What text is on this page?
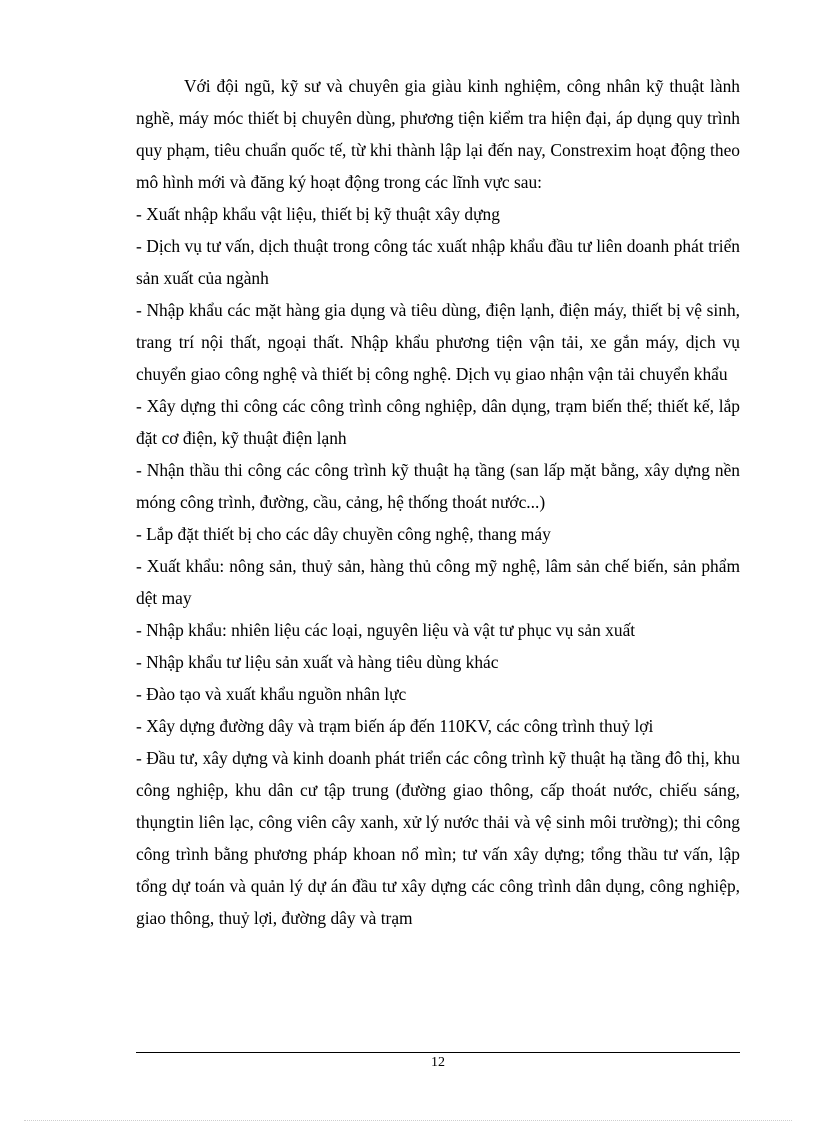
Với đội ngũ, kỹ sư và chuyên gia giàu kinh nghiệm, công nhân kỹ thuật lành nghề, máy móc thiết bị chuyên dùng, phương tiện kiểm tra hiện đại, áp dụng quy trình quy phạm, tiêu chuẩn quốc tế, từ khi thành lập lại đến nay, Constrexim hoạt động theo mô hình mới và đăng ký hoạt động trong các lĩnh vực sau:

- Xuất nhập khẩu vật liệu, thiết bị kỹ thuật xây dựng

- Dịch vụ tư vấn, dịch thuật trong công tác xuất nhập khẩu đầu tư liên doanh phát triển sản xuất của ngành

- Nhập khẩu các mặt hàng gia dụng và tiêu dùng, điện lạnh, điện máy, thiết bị vệ sinh, trang trí nội thất, ngoại thất. Nhập khẩu phương tiện vận tải, xe gắn máy, dịch vụ chuyển giao công nghệ và thiết bị công nghệ. Dịch vụ giao nhận vận tải chuyển khẩu

- Xây dựng thi công các công trình công nghiệp, dân dụng, trạm biến thế; thiết kế, lắp đặt cơ điện, kỹ thuật điện lạnh

- Nhận thầu thi công các công trình kỹ thuật hạ tầng (san lấp mặt bằng, xây dựng nền móng công trình, đường, cầu, cảng, hệ thống thoát nước...)

- Lắp đặt thiết bị cho các dây chuyền công nghệ, thang máy

- Xuất khẩu: nông sản, thuỷ sản, hàng thủ công mỹ nghệ, lâm sản chế biến, sản phẩm dệt may

- Nhập khẩu: nhiên liệu các loại, nguyên liệu và vật tư phục vụ sản xuất

- Nhập khẩu tư liệu sản xuất và hàng tiêu dùng khác

- Đào tạo và xuất khẩu nguồn nhân lực

- Xây dựng đường dây và trạm biến áp đến 110KV, các công trình thuỷ lợi

- Đầu tư, xây dựng và kinh doanh phát triển các công trình kỹ thuật hạ tầng đô thị, khu công nghiệp, khu dân cư tập trung (đường giao thông, cấp thoát nước, chiếu sáng, thụngtin liên lạc, công viên cây xanh, xử lý nước thải và vệ sinh môi trường); thi công công trình bằng phương pháp khoan nổ mìn; tư vấn xây dựng; tổng thầu tư vấn, lập tổng dự toán và quản lý dự án đầu tư xây dựng các công trình dân dụng, công nghiệp, giao thông, thuỷ lợi, đường dây và trạm

12
